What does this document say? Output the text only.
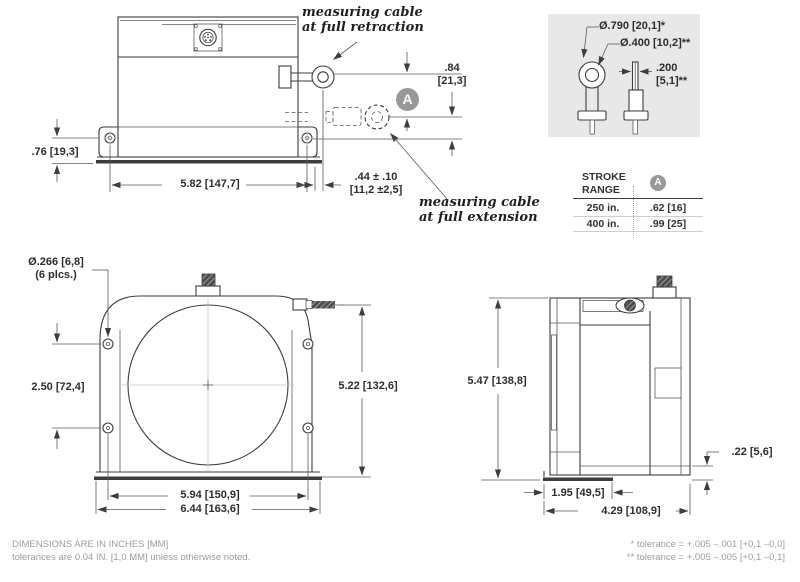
measuring cable
at full retraction
measuring cable
at full extension
.76 [19,3]
5.82 [147,7]
.44 ± .10
[11,2 ±2,5]
.84
[21,3]
A
Ø.790 [20,1]*
Ø.400 [10,2]**
.200
[5,1]**
STROKE
RANGE
A
250 in.	.62 [16]
400 in.	.99 [25]
Ø.266 [6,8]
(6 plcs.)
2.50 [72,4]	5.22 [132,6]
5.94 [150,9]
6.44 [163,6]
5.47 [138,8]
.22 [5,6]
1.95 [49,5]
4.29 [108,9]
DIMENSIONS ARE IN INCHES [MM]
tolerances are 0.04 IN. [1,0 MM] unless otherwise noted.
* tolerance = +.005 –.001 [+0,1 –0,0]
** tolerance = +.005 –.005 [+0,1 –0,1]
